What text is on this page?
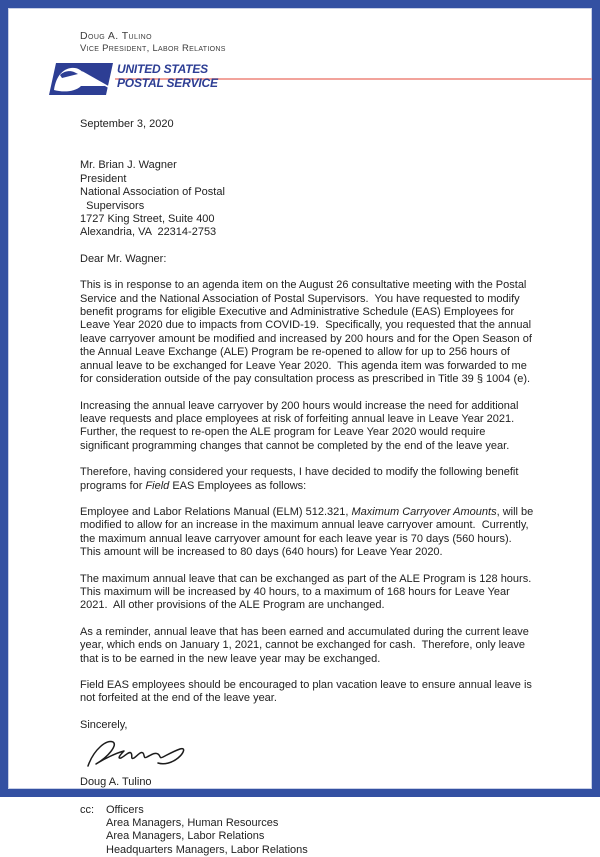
Doug A. Tulino
Vice President, Labor Relations
UNITED STATES
POSTAL SERVICE
September 3, 2020
Mr. Brian J. Wagner
President
National Association of Postal
Supervisors
1727 King Street, Suite 400
Alexandria, VA  22314-2753
Dear Mr. Wagner:

This is in response to an agenda item on the August 26 consultative meeting with the Postal Service and the National Association of Postal Supervisors.  You have requested to modify benefit programs for eligible Executive and Administrative Schedule (EAS) Employees for Leave Year 2020 due to impacts from COVID-19.  Specifically, you requested that the annual leave carryover amount be modified and increased by 200 hours and for the Open Season of the Annual Leave Exchange (ALE) Program be re-opened to allow for up to 256 hours of annual leave to be exchanged for Leave Year 2020.  This agenda item was forwarded to me for consideration outside of the pay consultation process as prescribed in Title 39 § 1004 (e).

Increasing the annual leave carryover by 200 hours would increase the need for additional leave requests and place employees at risk of forfeiting annual leave in Leave Year 2021. Further, the request to re-open the ALE program for Leave Year 2020 would require significant programming changes that cannot be completed by the end of the leave year.

Therefore, having considered your requests, I have decided to modify the following benefit programs for Field EAS Employees as follows:

Employee and Labor Relations Manual (ELM) 512.321, Maximum Carryover Amounts, will be modified to allow for an increase in the maximum annual leave carryover amount.  Currently, the maximum annual leave carryover amount for each leave year is 70 days (560 hours).  This amount will be increased to 80 days (640 hours) for Leave Year 2020.

The maximum annual leave that can be exchanged as part of the ALE Program is 128 hours.  This maximum will be increased by 40 hours, to a maximum of 168 hours for Leave Year 2021.  All other provisions of the ALE Program are unchanged.

As a reminder, annual leave that has been earned and accumulated during the current leave year, which ends on January 1, 2021, cannot be exchanged for cash.  Therefore, only leave that is to be earned in the new leave year may be exchanged.

Field EAS employees should be encouraged to plan vacation leave to ensure annual leave is not forfeited at the end of the leave year.

Sincerely,
Doug A. Tulino
cc:	Officers
Area Managers, Human Resources
Area Managers, Labor Relations
Headquarters Managers, Labor Relations
